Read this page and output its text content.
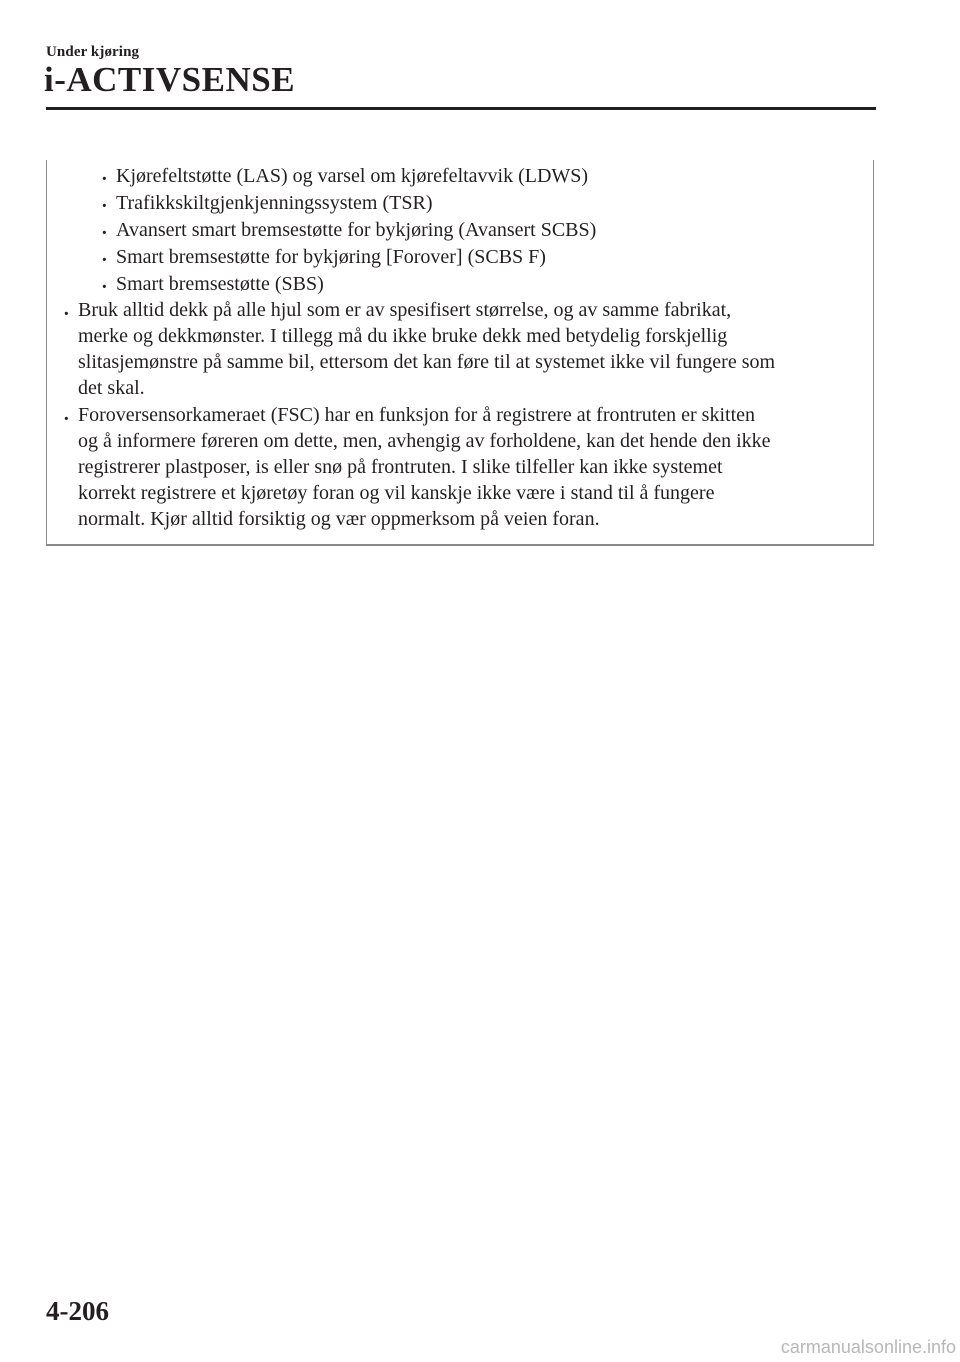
Under kjøring
i-ACTIVSENSE
· Kjørefeltstøtte (LAS) og varsel om kjørefeltavvik (LDWS)
· Trafikkskiltgjenkjenningssystem (TSR)
· Avansert smart bremsestøtte for bykjøring (Avansert SCBS)
· Smart bremsestøtte for bykjøring [Forover] (SCBS F)
· Smart bremsestøtte (SBS)
· Bruk alltid dekk på alle hjul som er av spesifisert størrelse, og av samme fabrikat,
merke og dekkmønster. I tillegg må du ikke bruke dekk med betydelig forskjellig
slitasjemønstre på samme bil, ettersom det kan føre til at systemet ikke vil fungere som
det skal.
· Foroversensorkameraet (FSC) har en funksjon for å registrere at frontruten er skitten
og å informere føreren om dette, men, avhengig av forholdene, kan det hende den ikke
registrerer plastposer, is eller snø på frontruten. I slike tilfeller kan ikke systemet
korrekt registrere et kjøretøy foran og vil kanskje ikke være i stand til å fungere
normalt. Kjør alltid forsiktig og vær oppmerksom på veien foran.
4-206
carmanualsonline.info
